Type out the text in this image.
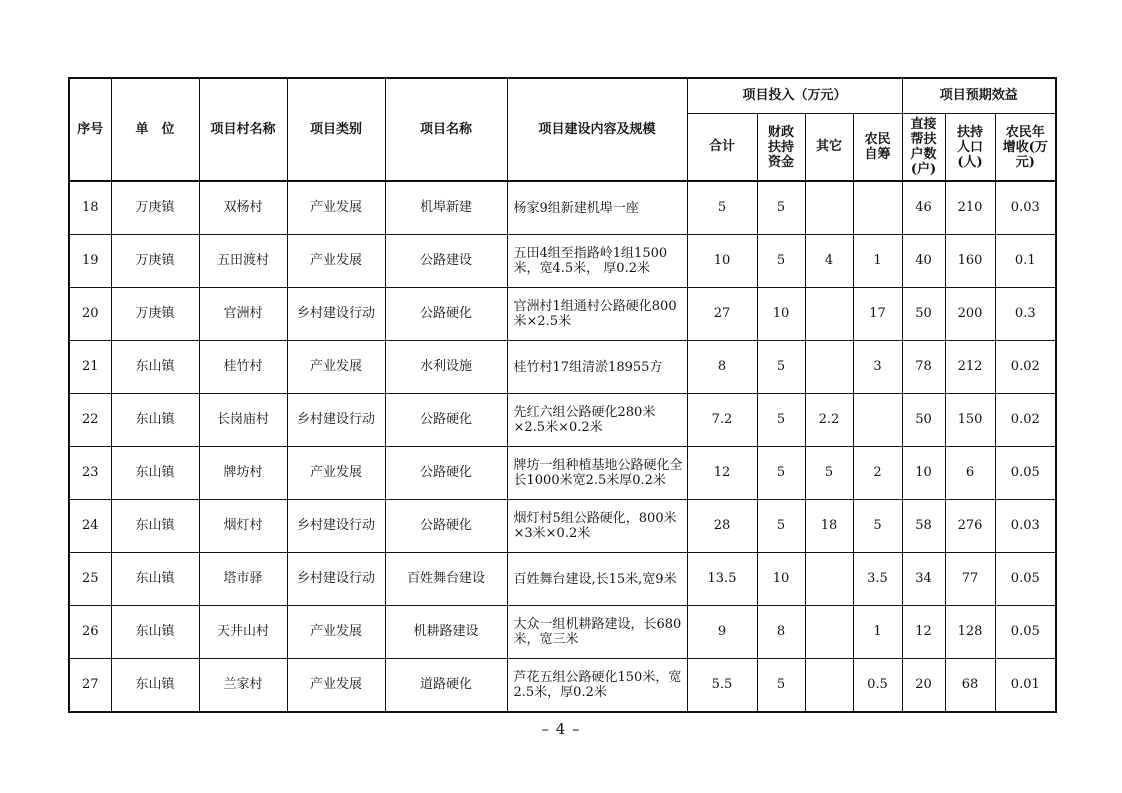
序号	单　位	项目村名称	项目类别	项目名称	项目建设内容及规模	项目投入（万元）				项目预期效益		
						合计	财政扶持资金	其它	农民自筹	直接帮扶户数(户)	扶持人口(人)	农民年增收(万元)
18	万庚镇	双杨村	产业发展	机埠新建	杨家9组新建机埠一座	5	5			46	210	0.03
19	万庚镇	五田渡村	产业发展	公路建设	五田4组至指路岭1组1500米，宽4.5米， 厚0.2米	10	5	4	1	40	160	0.1
20	万庚镇	官洲村	乡村建设行动	公路硬化	官洲村1组通村公路硬化800米×2.5米	27	10		17	50	200	0.3
21	东山镇	桂竹村	产业发展	水利设施	桂竹村17组清淤18955方	8	5		3	78	212	0.02
22	东山镇	长岗庙村	乡村建设行动	公路硬化	先红六组公路硬化280米×2.5米×0.2米	7.2	5	2.2		50	150	0.02
23	东山镇	牌坊村	产业发展	公路硬化	牌坊一组种植基地公路硬化全长1000米宽2.5米厚0.2米	12	5	5	2	10	6	0.05
24	东山镇	烟灯村	乡村建设行动	公路硬化	烟灯村5组公路硬化，800米×3米×0.2米	28	5	18	5	58	276	0.03
25	东山镇	塔市驿	乡村建设行动	百姓舞台建设	百姓舞台建设,长15米,宽9米	13.5	10		3.5	34	77	0.05
26	东山镇	天井山村	产业发展	机耕路建设	大众一组机耕路建设，长680米，宽三米	9	8		1	12	128	0.05
27	东山镇	兰家村	产业发展	道路硬化	芦花五组公路硬化150米，宽2.5米，厚0.2米	5.5	5		0.5	20	68	0.01
– 4 –
